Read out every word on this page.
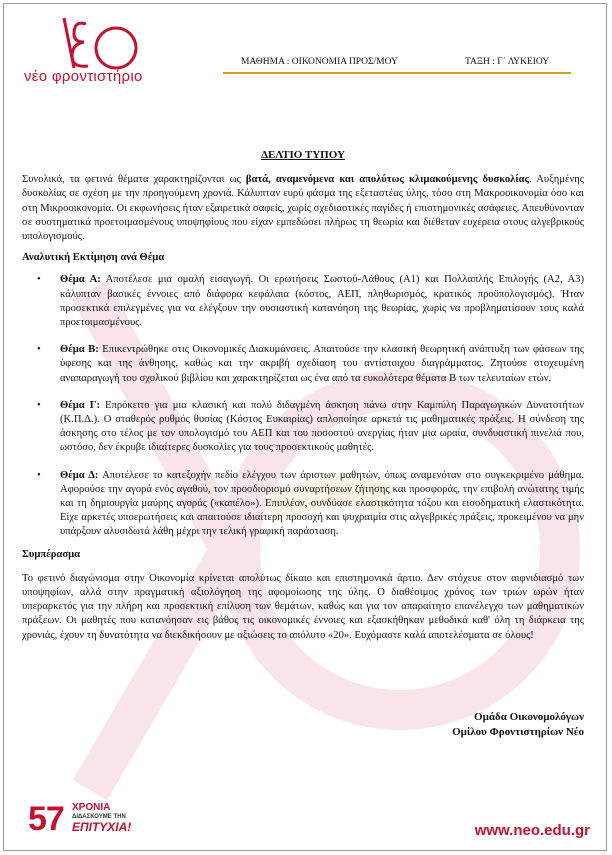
νέο φροντιστήριο
ΜΑΘΗΜΑ : ΟΙΚΟΝΟΜΙΑ ΠΡΟΣ/ΜΟΥ	ΤΑΞΗ : Γ΄ ΛΥΚΕΙΟΥ
ΔΕΛΤΙΟ ΤΥΠΟΥ

Συνολικά, τα φετινά θέματα χαρακτηρίζονται ως βατά, αναμενόμενα και απολύτως κλιμακούμενης δυσκολίας. Αυξημένης δυσκολίας σε σχέση με την προηγούμενη χρονιά. Κάλυπταν ευρύ φάσμα της εξεταστέας ύλης, τόσο στη Μακροοικονομία όσο και στη Μικροοικονομία. Οι εκφωνήσεις ήταν εξαιρετικά σαφείς, χωρίς σχεδιαστικές παγίδες ή επιστημονικές ασάφειες. Απευθύνονταν σε συστηματικά προετοιμασμένους υποψηφίους που είχαν εμπεδώσει πλήρως τη θεωρία και διέθεταν ευχέρεια στους αλγεβρικούς υπολογισμούς.

Αναλυτική Εκτίμηση ανά Θέμα
• Θέμα Α: Αποτέλεσε μια ομαλή εισαγωγή. Οι ερωτήσεις Σωστού-Λάθους (Α1) και Πολλαπλής Επιλογής (Α2, Α3) κάλυπταν βασικές έννοιες από διάφορα κεφάλαια (κόστος, ΑΕΠ, πληθωρισμός, κρατικός προϋπολογισμός). Ήταν προσεκτικά επιλεγμένες για να ελέγξουν την ουσιαστική κατανόηση της θεωρίας, χωρίς να προβληματίσουν τους καλά προετοιμασμένους.
• Θέμα Β: Επικεντρώθηκε στις Οικονομικές Διακυμάνσεις. Απαιτούσε την κλασική θεωρητική ανάπτυξη των φάσεων της ύφεσης και της άνθησης, καθώς και την ακριβή σχεδίαση του αντίστοιχου διαγράμματος. Ζητούσε στοχευμένη αναπαραγωγή του σχολικού βιβλίου και χαρακτηρίζεται ως ένα από τα ευκολότερα θέματα Β των τελευταίων ετών.
• Θέμα Γ: Επρόκειτο για μια κλασική και πολύ διδαγμένη άσκηση πάνω στην Καμπύλη Παραγωγικών Δυνατοτήτων (Κ.Π.Δ.). Ο σταθερός ρυθμός θυσίας (Κόστος Ευκαιρίας) απλοποίησε αρκετά τις μαθηματικές πράξεις. Η σύνδεση της άσκησης στο τέλος με τον υπολογισμό του ΑΕΠ και του ποσοστού ανεργίας ήταν μια ωραία, συνδυαστική πινελιά που, ωστόσο, δεν έκρυβε ιδιαίτερες δυσκολίες για τους προσεκτικούς μαθητές.
• Θέμα Δ: Αποτέλεσε το κατεξοχήν πεδίο ελέγχου των άριστων μαθητών, όπως αναμενόταν στο συγκεκριμένο μάθημα. Αφορούσε την αγορά ενός αγαθού, τον προσδιορισμό συναρτήσεων ζήτησης και προσφοράς, την επιβολή ανώτατης τιμής και τη δημιουργία μαύρης αγοράς («καπέλο»). Επιπλέον, συνδύασε ελαστικότητα τόξου και εισοδηματική ελαστικότητα. Είχε αρκετές υποερωτήσεις και απαιτούσε ιδιαίτερη προσοχή και ψυχραιμία στις αλγεβρικές πράξεις, προκειμένου να μην υπάρξουν αλυσιδωτά λάθη μέχρι την τελική γραφική παράσταση.
Συμπέρασμα

Το φετινό διαγώνισμα στην Οικονομία κρίνεται απολύτως δίκαιο και επιστημονικά άρτιο. Δεν στόχευε στον αιφνιδιασμό των υποψηφίων, αλλά στην πραγματική αξιολόγηση της αφομοίωσης της ύλης. Ο διαθέσιμος χρόνος των τριών ωρών ήταν υπεραρκετός για την πλήρη και προσεκτική επίλυση των θεμάτων, καθώς και για τον απαραίτητο επανέλεγχο των μαθηματικών πράξεων. Οι μαθητές που κατανόησαν εις βάθος τις οικονομικές έννοιες και εξασκήθηκαν μεθοδικά καθ' όλη τη διάρκεια της χρονιάς, έχουν τη δυνατότητα να διεκδικήσουν με αξιώσεις το απόλυτο «20». Ευχόμαστε καλά αποτελέσματα σε όλους!

Ομάδα Οικονομολόγων
Ομίλου Φροντιστηρίων Νέο
57 ΧΡΟΝΙΑ
ΔΙΔΑΣΚΟΥΜΕ ΤΗΝ
ΕΠΙΤΥΧΙΑ!	www.neo.edu.gr
